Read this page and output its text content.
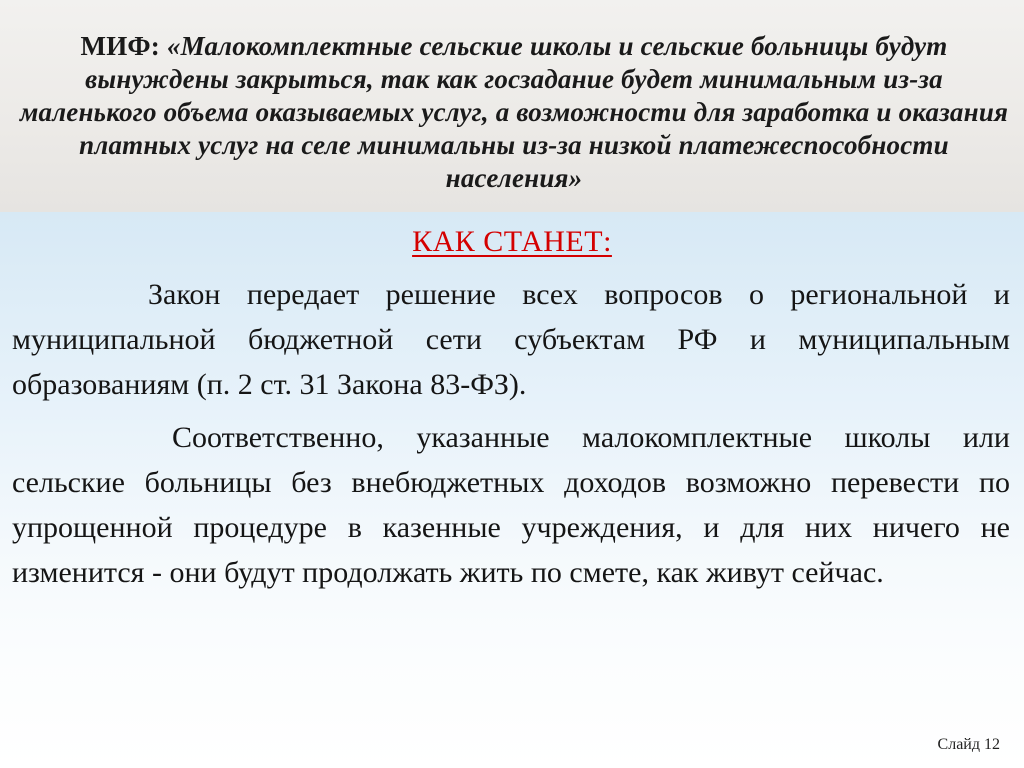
МИФ: «Малокомплектные сельские школы и сельские больницы будут вынуждены закрыться, так как госзадание будет минимальным из-за маленького объема оказываемых услуг, а возможности для заработка и оказания платных услуг на селе минимальны из-за низкой платежеспособности населения»

КАК СТАНЕТ:

Закон передает решение всех вопросов о региональной и муниципальной бюджетной сети субъектам РФ и муниципальным образованиям (п. 2 ст. 31 Закона 83-ФЗ).

Соответственно, указанные малокомплектные школы или сельские больницы без внебюджетных доходов возможно перевести по упрощенной процедуре в казенные учреждения, и для них ничего не изменится - они будут продолжать жить по смете, как живут сейчас.

Слайд 12
